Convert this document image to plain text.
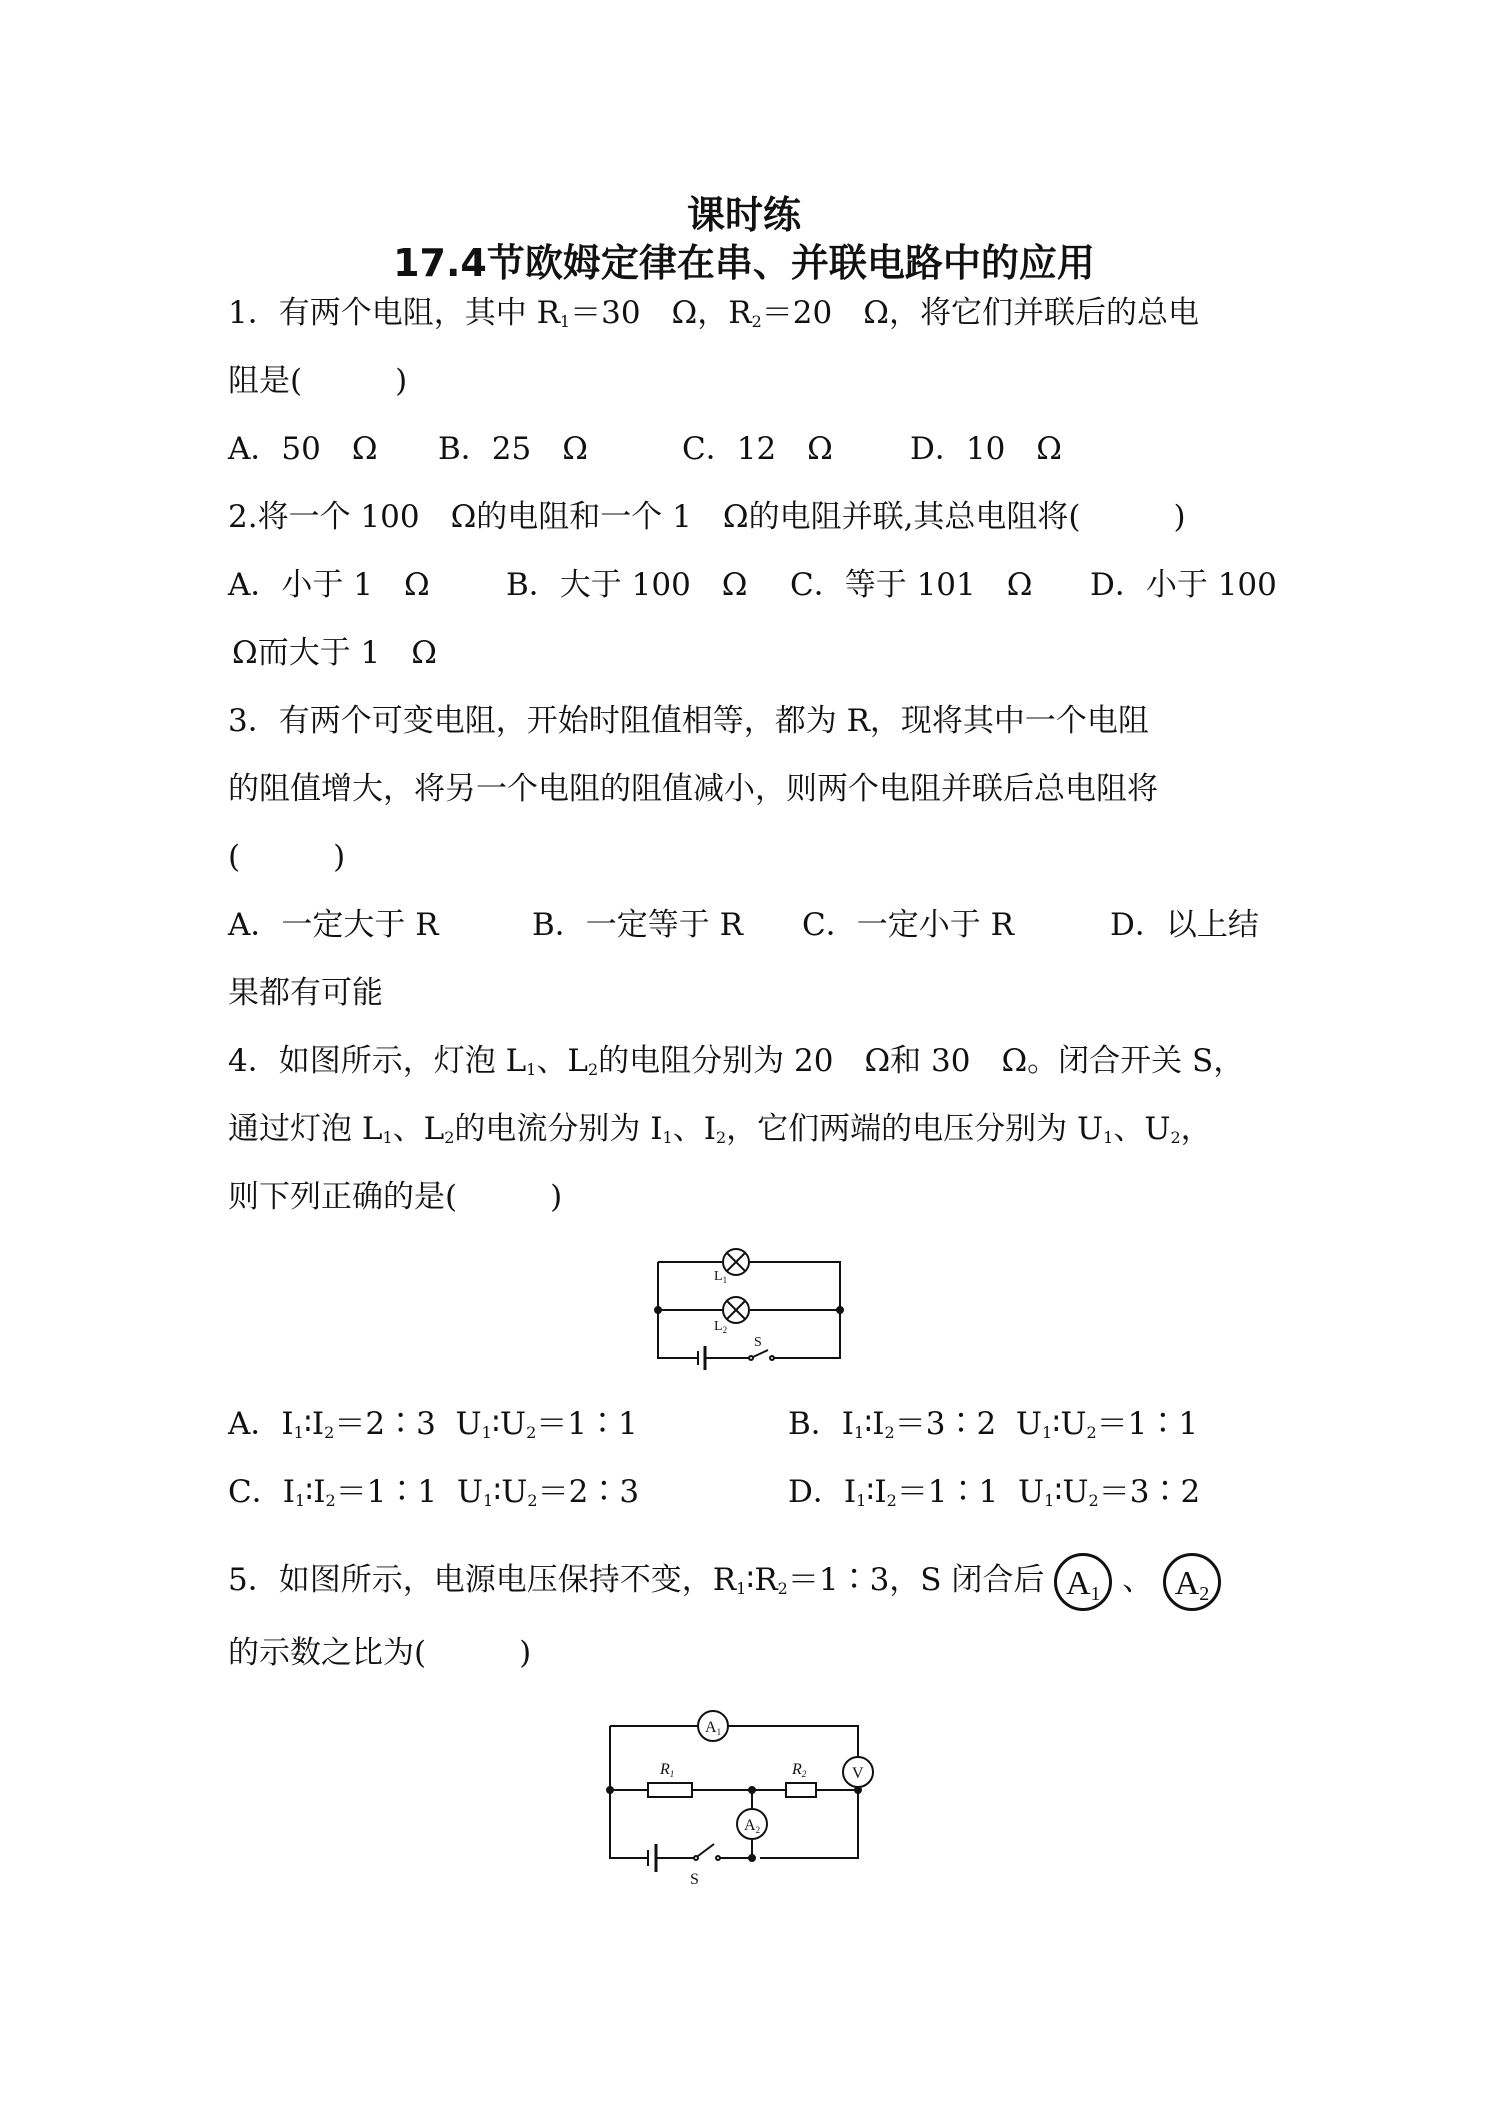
课时练
17.4节欧姆定律在串、并联电路中的应用
1．有两个电阻，其中 $R_1=30$　Ω，$R_2=20$　Ω，将它们并联后的总电
阻是(　　　)
A．50　Ω B．25　Ω	C．12　Ω D．10　Ω
2.将一个 100　Ω的电阻和一个 1　Ω的电阻并联,其总电阻将(　　　)
A．小于 1　Ω B．大于 100　Ω C．等于 101　Ω D．小于 100
Ω而大于 1　Ω
3．有两个可变电阻，开始时阻值相等，都为 R，现将其中一个电阻
的阻值增大，将另一个电阻的阻值减小，则两个电阻并联后总电阻将
(　　　)
A．一定大于 R	B．一定等于 R C．一定小于 R	D．以上结
果都有可能
4．如图所示，灯泡 $L_1$、$L_2$的电阻分别为 20　Ω和 30　Ω。闭合开关 S，
通过灯泡 $L_1$、$L_2$的电流分别为 $I_1$、$I_2$，它们两端的电压分别为 $U_1$、$U_2$，
则下列正确的是(　　　)
$L_1$
$L_2$
S
A．$I_1∶I_2=2∶3$ $U_1∶U_2=1∶1$	B．$I_1∶I_2=3∶2$ $U_1∶U_2=1∶1$
C．$I_1∶I_2=1∶1$ $U_1∶U_2=2∶3$	D．$I_1∶I_2=1∶1$ $U_1∶U_2=3∶2$
5．如图所示，电源电压保持不变，$R_1∶R_2=1∶3$，S 闭合后 $A_1$ 、 $A_2$
的示数之比为(　　　)
A1
A2
V
R1	R2
S
